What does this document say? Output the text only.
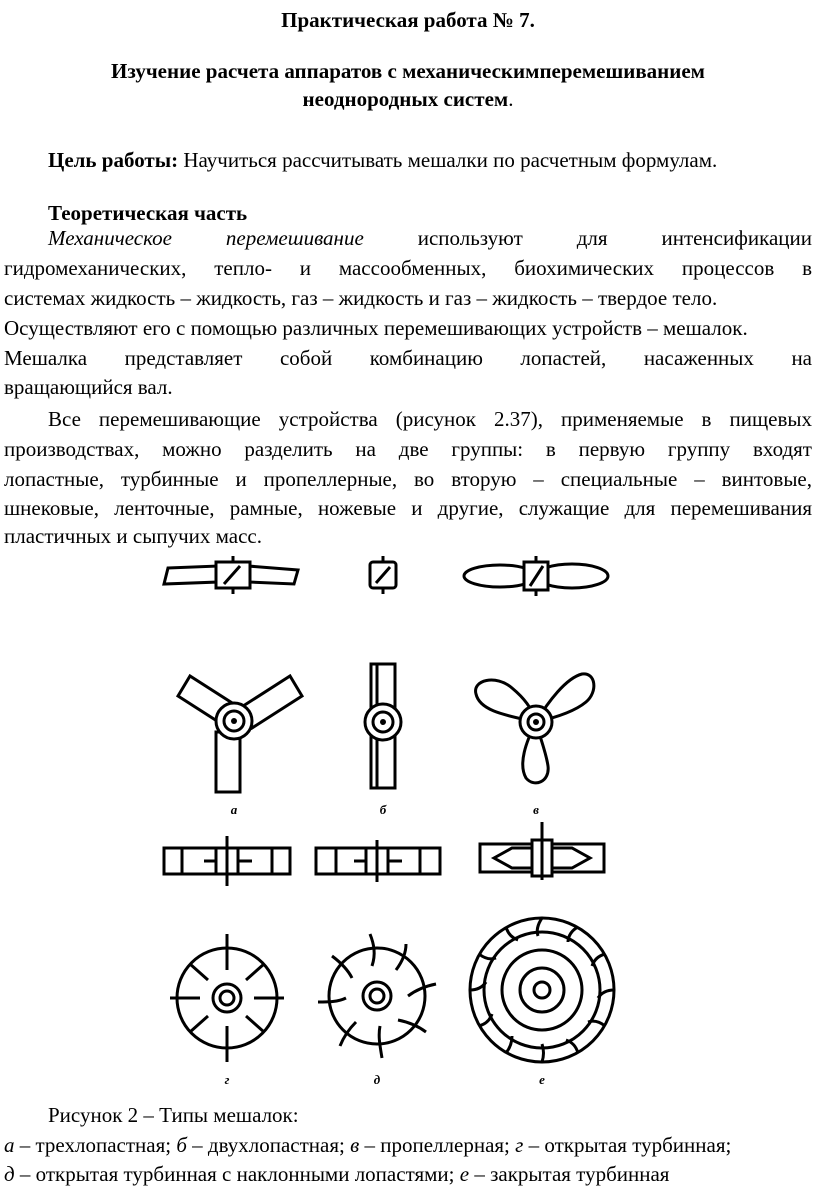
Практическая работа № 7.
Изучение расчета аппаратов с механическимперемешиванием
неоднородных систем.
Цель работы: Научиться рассчитывать мешалки по расчетным формулам.
Теоретическая часть
Механическое перемешивание	используют для интенсификации
гидромеханических, тепло- и массообменных, биохимических процессов в
системах жидкость – жидкость, газ – жидкость и газ – жидкость – твердое тело.
Осуществляют его с помощью различных перемешивающих устройств – мешалок.
Мешалка представляет собой комбинацию лопастей, насаженных на
вращающийся вал.
Все перемешивающие устройства (рисунок 2.37), применяемые в пищевых
производствах, можно разделить на две группы: в первую группу входят
лопастные, турбинные и пропеллерные, во вторую – специальные – винтовые,
шнековые, ленточные, рамные, ножевые и другие, служащие для перемешивания
пластичных и сыпучих масс.
а	б	в
г	д	е
Рисунок 2 – Типы мешалок:
а – трехлопастная; б – двухлопастная; в – пропеллерная; г – открытая турбинная;
д – открытая турбинная с наклонными лопастями; е – закрытая турбинная
